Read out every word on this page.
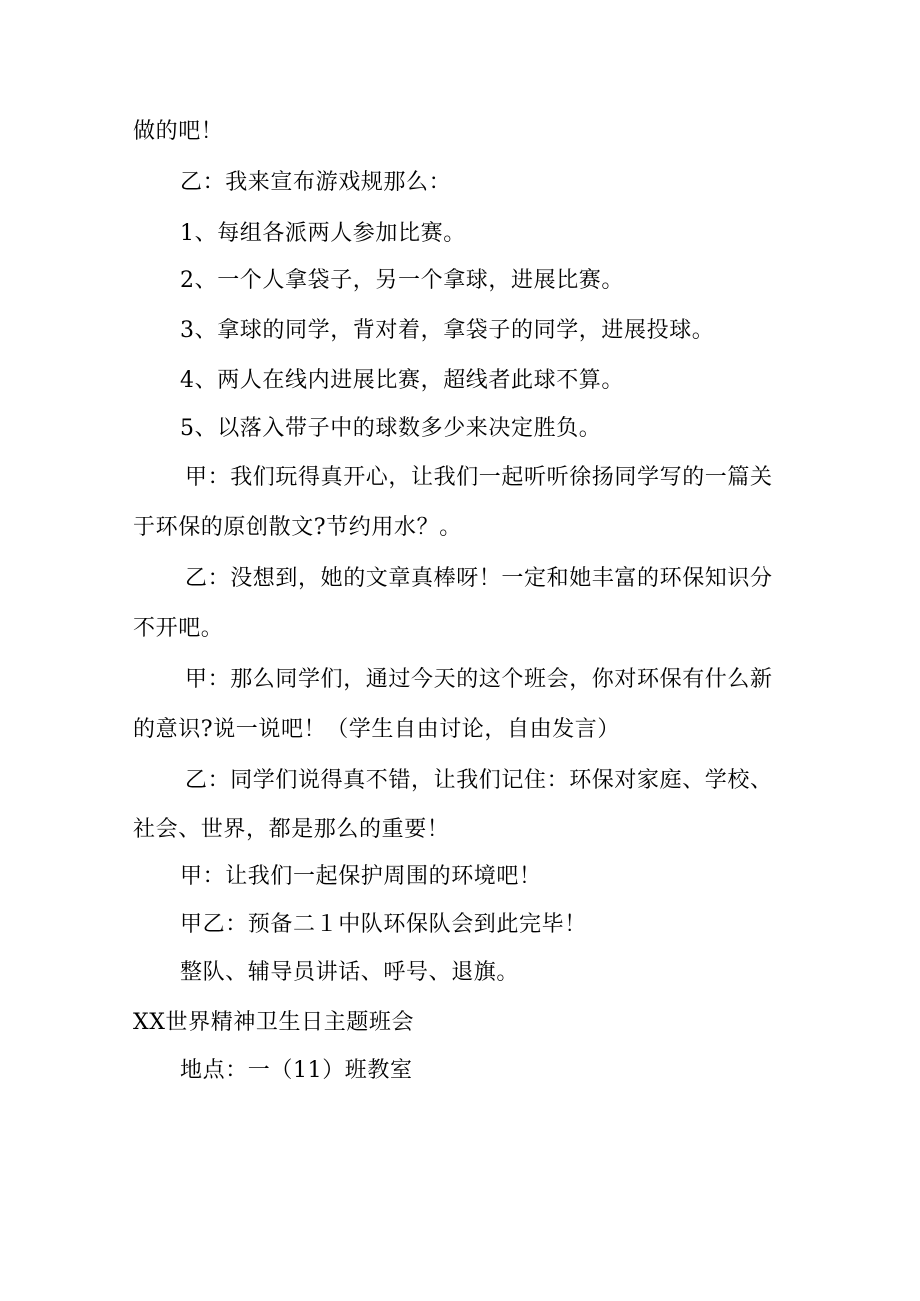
做的吧！
乙：我来宣布游戏规那么：
1、每组各派两人参加比赛。
2、一个人拿袋子，另一个拿球，进展比赛。
3、拿球的同学，背对着，拿袋子的同学，进展投球。
4、两人在线内进展比赛，超线者此球不算。
5、以落入带子中的球数多少来决定胜负。
甲：我们玩得真开心，让我们一起听听徐扬同学写的一篇关
于环保的原创散文?节约用水？。
乙：没想到，她的文章真棒呀！一定和她丰富的环保知识分
不开吧。
甲：那么同学们，通过今天的这个班会，你对环保有什么新
的意识?说一说吧！（学生自由讨论，自由发言）
乙：同学们说得真不错，让我们记住：环保对家庭、学校、
社会、世界，都是那么的重要！
甲：让我们一起保护周围的环境吧！
甲乙：预备二１中队环保队会到此完毕！
整队、辅导员讲话、呼号、退旗。
XX世界精神卫生日主题班会
地点：一（11）班教室
